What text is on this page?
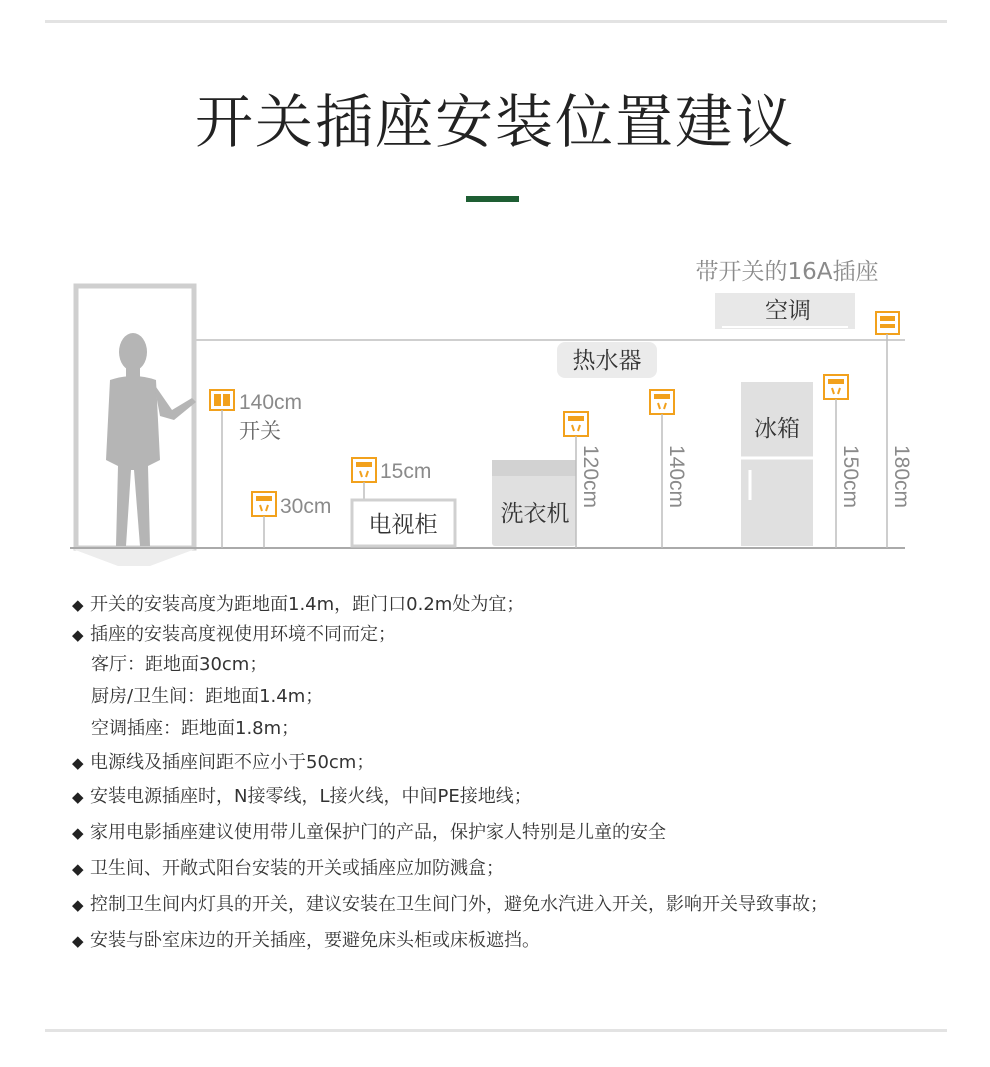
开关插座安装位置建议
140cm
开关
30cm
15cm
电视柜	洗衣机
120cm
热水器
140cm
冰箱
150cm
空调
带开关的16A插座
180cm
◆ 开关的安装高度为距地面1.4m，距门口0.2m处为宜；
◆ 插座的安装高度视使用环境不同而定；
客厅：距地面30cm；
厨房/卫生间：距地面1.4m；
空调插座：距地面1.8m；
◆ 电源线及插座间距不应小于50cm；
◆ 安装电源插座时，N接零线，L接火线，中间PE接地线；
◆ 家用电影插座建议使用带儿童保护门的产品，保护家人特别是儿童的安全
◆ 卫生间、开敞式阳台安装的开关或插座应加防溅盒；
◆ 控制卫生间内灯具的开关，建议安装在卫生间门外，避免水汽进入开关，影响开关导致事故；
◆ 安装与卧室床边的开关插座，要避免床头柜或床板遮挡。
